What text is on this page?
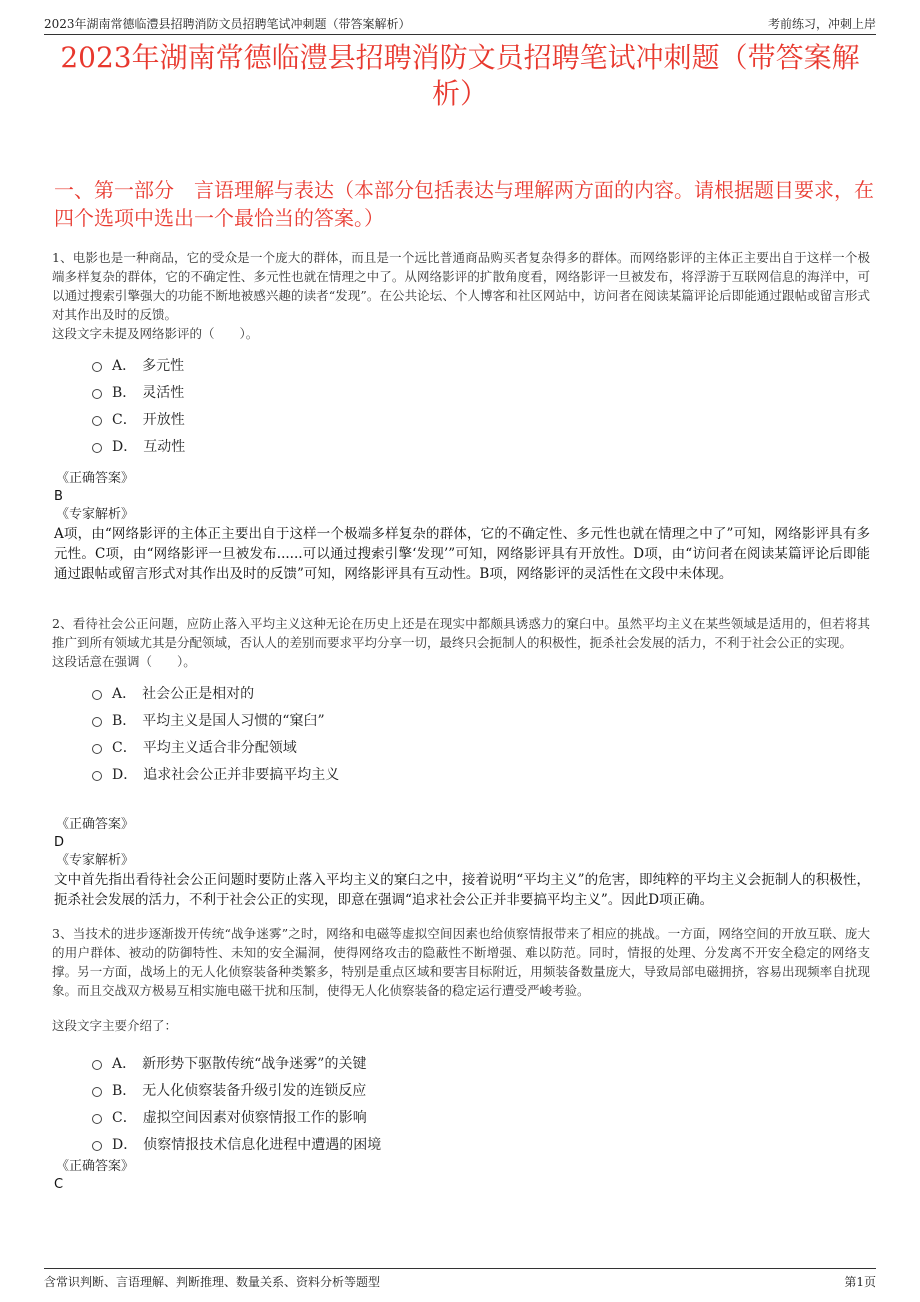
2023年湖南常德临澧县招聘消防文员招聘笔试冲刺题（带答案解析）	考前练习，冲刺上岸
2023年湖南常德临澧县招聘消防文员招聘笔试冲刺题（带答案解析）
一、第一部分　言语理解与表达（本部分包括表达与理解两方面的内容。请根据题目要求，在四个选项中选出一个最恰当的答案。）

1、电影也是一种商品，它的受众是一个庞大的群体，而且是一个远比普通商品购买者复杂得多的群体。而网络影评的主体正主要出自于这样一个极端多样复杂的群体，它的不确定性、多元性也就在情理之中了。从网络影评的扩散角度看，网络影评一旦被发布，将浮游于互联网信息的海洋中，可以通过搜索引擎强大的功能不断地被感兴趣的读者“发现”。在公共论坛、个人博客和社区网站中，访问者在阅读某篇评论后即能通过跟帖或留言形式对其作出及时的反馈。

这段文字未提及网络影评的（　　）。

A． 多元性
B． 灵活性
C． 开放性
D． 互动性

《正确答案》

B

《专家解析》

A项，由“网络影评的主体正主要出自于这样一个极端多样复杂的群体，它的不确定性、多元性也就在情理之中了”可知，网络影评具有多元性。C项，由“网络影评一旦被发布......可以通过搜索引擎‘发现’”可知，网络影评具有开放性。D项，由“访问者在阅读某篇评论后即能通过跟帖或留言形式对其作出及时的反馈”可知，网络影评具有互动性。B项，网络影评的灵活性在文段中未体现。

2、看待社会公正问题，应防止落入平均主义这种无论在历史上还是在现实中都颇具诱惑力的窠臼中。虽然平均主义在某些领域是适用的，但若将其推广到所有领域尤其是分配领域，否认人的差别而要求平均分享一切，最终只会扼制人的积极性，扼杀社会发展的活力，不利于社会公正的实现。

这段话意在强调（　　）。

A． 社会公正是相对的
B． 平均主义是国人习惯的“窠臼”
C． 平均主义适合非分配领域
D． 追求社会公正并非要搞平均主义

《正确答案》

D

《专家解析》

文中首先指出看待社会公正问题时要防止落入平均主义的窠臼之中，接着说明“平均主义”的危害，即纯粹的平均主义会扼制人的积极性，扼杀社会发展的活力，不利于社会公正的实现，即意在强调“追求社会公正并非要搞平均主义”。因此D项正确。

3、当技术的进步逐渐拨开传统“战争迷雾”之时，网络和电磁等虚拟空间因素也给侦察情报带来了相应的挑战。一方面，网络空间的开放互联、庞大的用户群体、被动的防御特性、未知的安全漏洞，使得网络攻击的隐蔽性不断增强、难以防范。同时，情报的处理、分发离不开安全稳定的网络支撑。另一方面，战场上的无人化侦察装备种类繁多，特别是重点区域和要害目标附近，用频装备数量庞大，导致局部电磁拥挤，容易出现频率自扰现象。而且交战双方极易互相实施电磁干扰和压制，使得无人化侦察装备的稳定运行遭受严峻考验。

这段文字主要介绍了：

A． 新形势下驱散传统“战争迷雾”的关键
B． 无人化侦察装备升级引发的连锁反应
C． 虚拟空间因素对侦察情报工作的影响
D． 侦察情报技术信息化进程中遭遇的困境

《正确答案》

C

含常识判断、言语理解、判断推理、数量关系、资料分析等题型	第1页
